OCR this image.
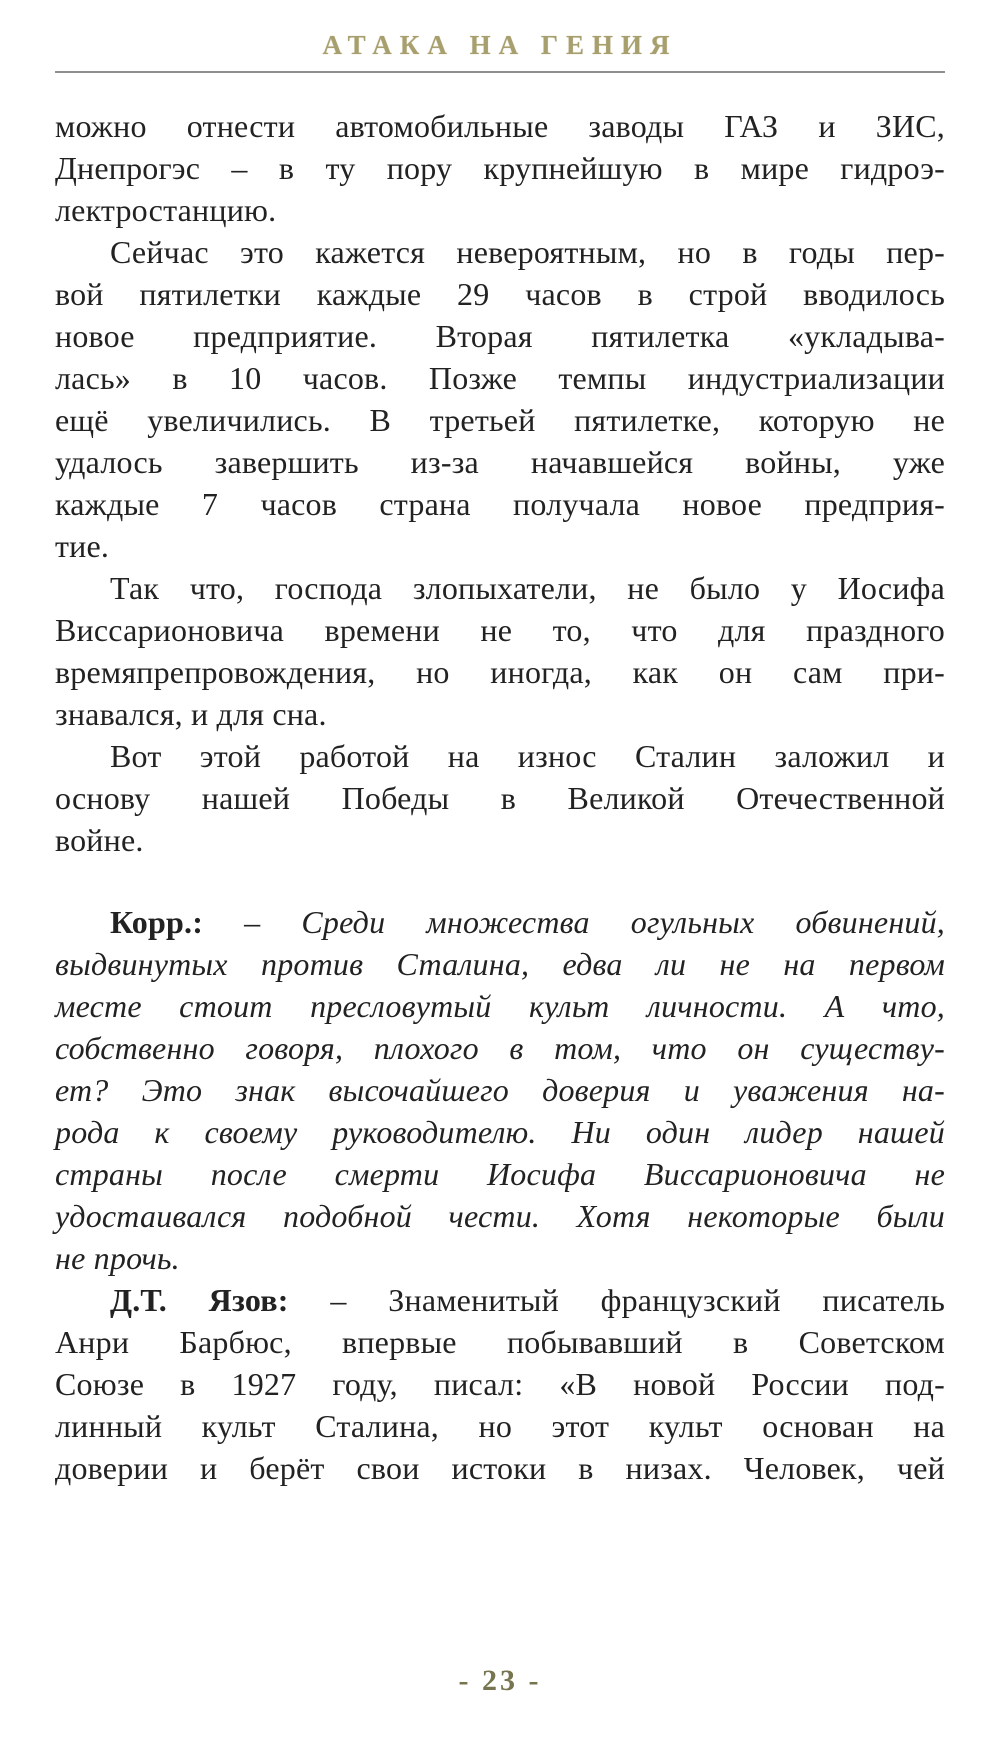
АТАКА НА ГЕНИЯ
можно отнести автомобильные заводы ГАЗ и ЗИС,
Днепрогэс – в ту пору крупнейшую в мире гидроэ-
лектростанцию.
Сейчас это кажется невероятным, но в годы пер-
вой пятилетки каждые 29 часов в строй вводилось
новое предприятие. Вторая пятилетка «укладыва-
лась» в 10 часов. Позже темпы индустриализации
ещё увеличились. В третьей пятилетке, которую не
удалось завершить из-за начавшейся войны, уже
каждые 7 часов страна получала новое предприя-
тие.
Так что, господа злопыхатели, не было у Иосифа
Виссарионовича времени не то, что для праздного
времяпрепровождения, но иногда, как он сам при-
знавался, и для сна.
Вот этой работой на износ Сталин заложил и
основу нашей Победы в Великой Отечественной
войне.
Корр.: – Среди множества огульных обвинений,
выдвинутых против Сталина, едва ли не на первом
месте стоит пресловутый культ личности. А что,
собственно говоря, плохого в том, что он существу-
ет? Это знак высочайшего доверия и уважения на-
рода к своему руководителю. Ни один лидер нашей
страны после смерти Иосифа Виссарионовича не
удостаивался подобной чести. Хотя некоторые были
не прочь.
Д.Т. Язов: – Знаменитый французский писатель
Анри Барбюс, впервые побывавший в Советском
Союзе в 1927 году, писал: «В новой России под-
линный культ Сталина, но этот культ основан на
доверии и берёт свои истоки в низах. Человек, чей
- 23 -
